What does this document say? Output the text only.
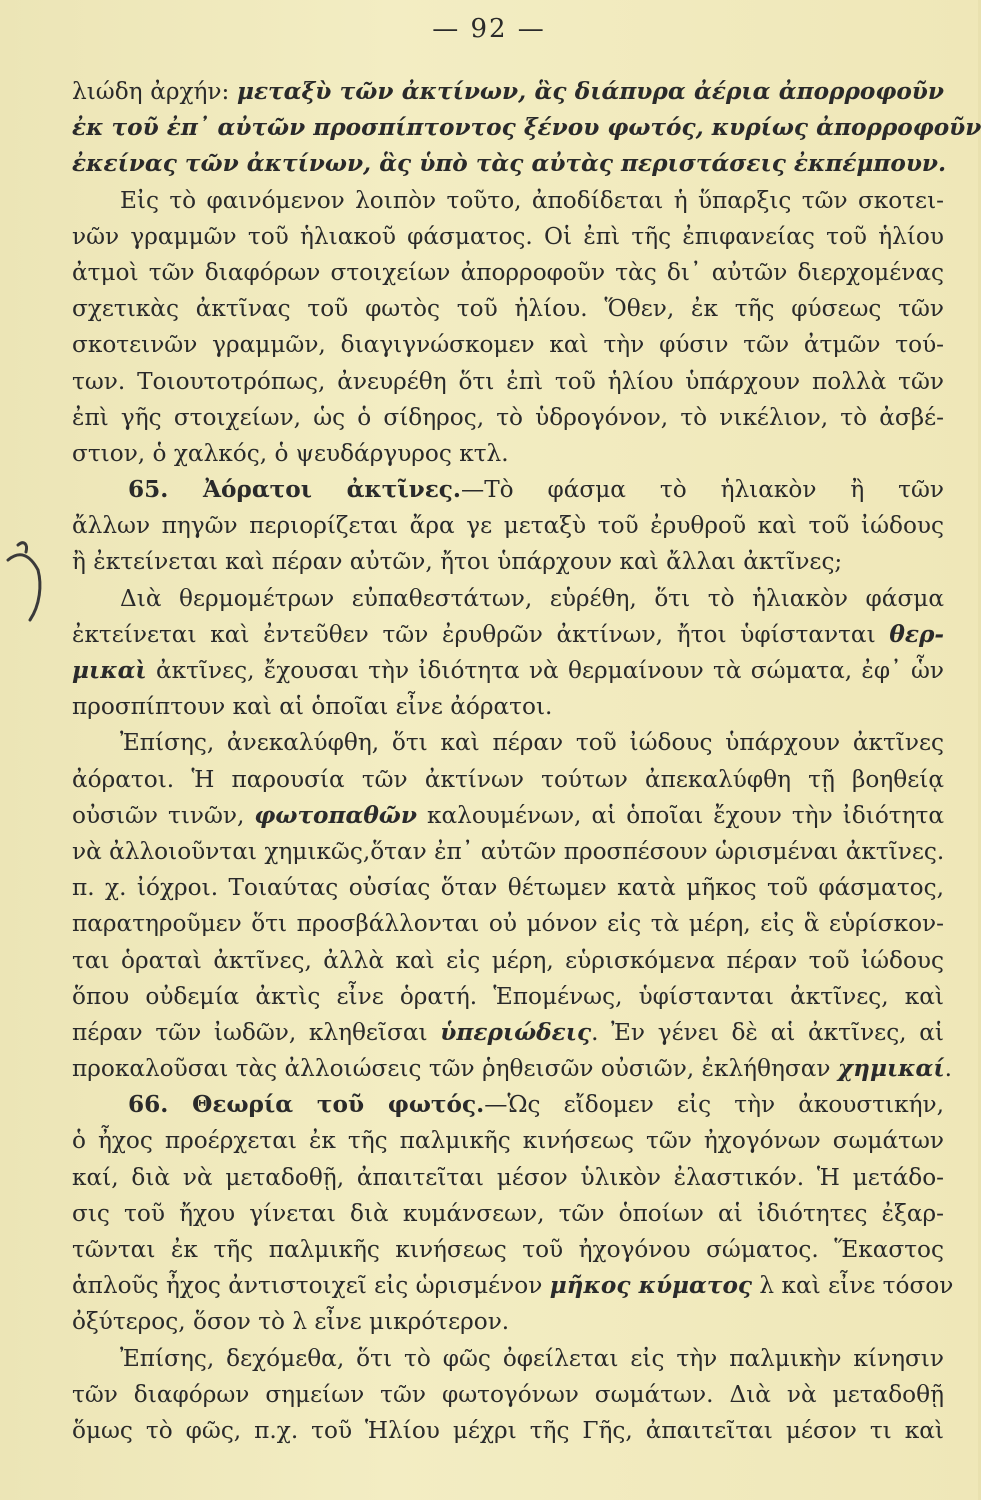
— 92 —
λιώδη ἀρχήν: μεταξὺ τῶν ἀκτίνων, ἃς διάπυρα ἀέρια ἀπορροφοῦν
ἐκ τοῦ ἐπ᾽ αὐτῶν προσπίπτοντος ξένου φωτός, κυρίως ἀπορροφοῦν
ἐκείνας τῶν ἀκτίνων, ἃς ὑπὸ τὰς αὐτὰς περιστάσεις ἐκπέμπουν.
Εἰς τὸ φαινόμενον λοιπὸν τοῦτο, ἀποδίδεται ἡ ὕπαρξις τῶν σκοτει-
νῶν γραμμῶν τοῦ ἡλιακοῦ φάσματος. Οἱ ἐπὶ τῆς ἐπιφανείας τοῦ ἡλίου
ἀτμοὶ τῶν διαφόρων στοιχείων ἀπορροφοῦν τὰς δι᾽ αὐτῶν διερχομένας
σχετικὰς ἀκτῖνας τοῦ φωτὸς τοῦ ἡλίου. Ὅθεν, ἐκ τῆς φύσεως τῶν
σκοτεινῶν γραμμῶν, διαγιγνώσκομεν καὶ τὴν φύσιν τῶν ἀτμῶν τού-
των. Τοιουτοτρόπως, ἀνευρέθη ὅτι ἐπὶ τοῦ ἡλίου ὑπάρχουν πολλὰ τῶν
ἐπὶ γῆς στοιχείων, ὡς ὁ σίδηρος, τὸ ὑδρογόνον, τὸ νικέλιον, τὸ ἀσβέ-
στιον, ὁ χαλκός, ὁ ψευδάργυρος κτλ.
65. Ἀόρατοι ἀκτῖνες.—Τὸ φάσμα τὸ ἡλιακὸν ἢ τῶν
ἄλλων πηγῶν περιορίζεται ἄρα γε μεταξὺ τοῦ ἐρυθροῦ καὶ τοῦ ἰώδους
ἢ ἐκτείνεται καὶ πέραν αὐτῶν, ἤτοι ὑπάρχουν καὶ ἄλλαι ἀκτῖνες;
Διὰ θερμομέτρων εὐπαθεστάτων, εὑρέθη, ὅτι τὸ ἡλιακὸν φάσμα
ἐκτείνεται καὶ ἐντεῦθεν τῶν ἐρυθρῶν ἀκτίνων, ἤτοι ὑφίστανται θερ-
μικαὶ ἀκτῖνες, ἔχουσαι τὴν ἰδιότητα νὰ θερμαίνουν τὰ σώματα, ἐφ᾽ ὧν
προσπίπτουν καὶ αἱ ὁποῖαι εἶνε ἀόρατοι.
Ἐπίσης, ἀνεκαλύφθη, ὅτι καὶ πέραν τοῦ ἰώδους ὑπάρχουν ἀκτῖνες
ἀόρατοι. Ἡ παρουσία τῶν ἀκτίνων τούτων ἀπεκαλύφθη τῇ βοηθείᾳ
οὐσιῶν τινῶν, φωτοπαθῶν καλουμένων, αἱ ὁποῖαι ἔχουν τὴν ἰδιότητα
νὰ ἀλλοιοῦνται χημικῶς,ὅταν ἐπ᾽ αὐτῶν προσπέσουν ὡρισμέναι ἀκτῖνες.
π. χ. ἰόχροι. Τοιαύτας οὐσίας ὅταν θέτωμεν κατὰ μῆκος τοῦ φάσματος,
παρατηροῦμεν ὅτι προσβάλλονται οὐ μόνον εἰς τὰ μέρη, εἰς ἃ εὑρίσκον-
ται ὁραταὶ ἀκτῖνες, ἀλλὰ καὶ εἰς μέρη, εὑρισκόμενα πέραν τοῦ ἰώδους
ὅπου οὐδεμία ἀκτὶς εἶνε ὁρατή. Ἑπομένως, ὑφίστανται ἀκτῖνες, καὶ
πέραν τῶν ἰωδῶν, κληθεῖσαι ὑπεριώδεις. Ἐν γένει δὲ αἱ ἀκτῖνες, αἱ
προκαλοῦσαι τὰς ἀλλοιώσεις τῶν ῥηθεισῶν οὐσιῶν, ἐκλήθησαν χημικαί.
66. Θεωρία τοῦ φωτός.—Ὡς εἴδομεν εἰς τὴν ἀκουστικήν,
ὁ ἦχος προέρχεται ἐκ τῆς παλμικῆς κινήσεως τῶν ἠχογόνων σωμάτων
καί, διὰ νὰ μεταδοθῇ, ἀπαιτεῖται μέσον ὑλικὸν ἐλαστικόν. Ἡ μετάδο-
σις τοῦ ἤχου γίνεται διὰ κυμάνσεων, τῶν ὁποίων αἱ ἰδιότητες ἐξαρ-
τῶνται ἐκ τῆς παλμικῆς κινήσεως τοῦ ἠχογόνου σώματος. Ἕκαστος
ἁπλοῦς ἦχος ἀντιστοιχεῖ εἰς ὡρισμένον μῆκος κύματος λ καὶ εἶνε τόσον
ὀξύτερος, ὅσον τὸ λ εἶνε μικρότερον.
Ἐπίσης, δεχόμεθα, ὅτι τὸ φῶς ὀφείλεται εἰς τὴν παλμικὴν κίνησιν
τῶν διαφόρων σημείων τῶν φωτογόνων σωμάτων. Διὰ νὰ μεταδοθῇ
ὅμως τὸ φῶς, π.χ. τοῦ Ἡλίου μέχρι τῆς Γῆς, ἀπαιτεῖται μέσον τι καὶ
